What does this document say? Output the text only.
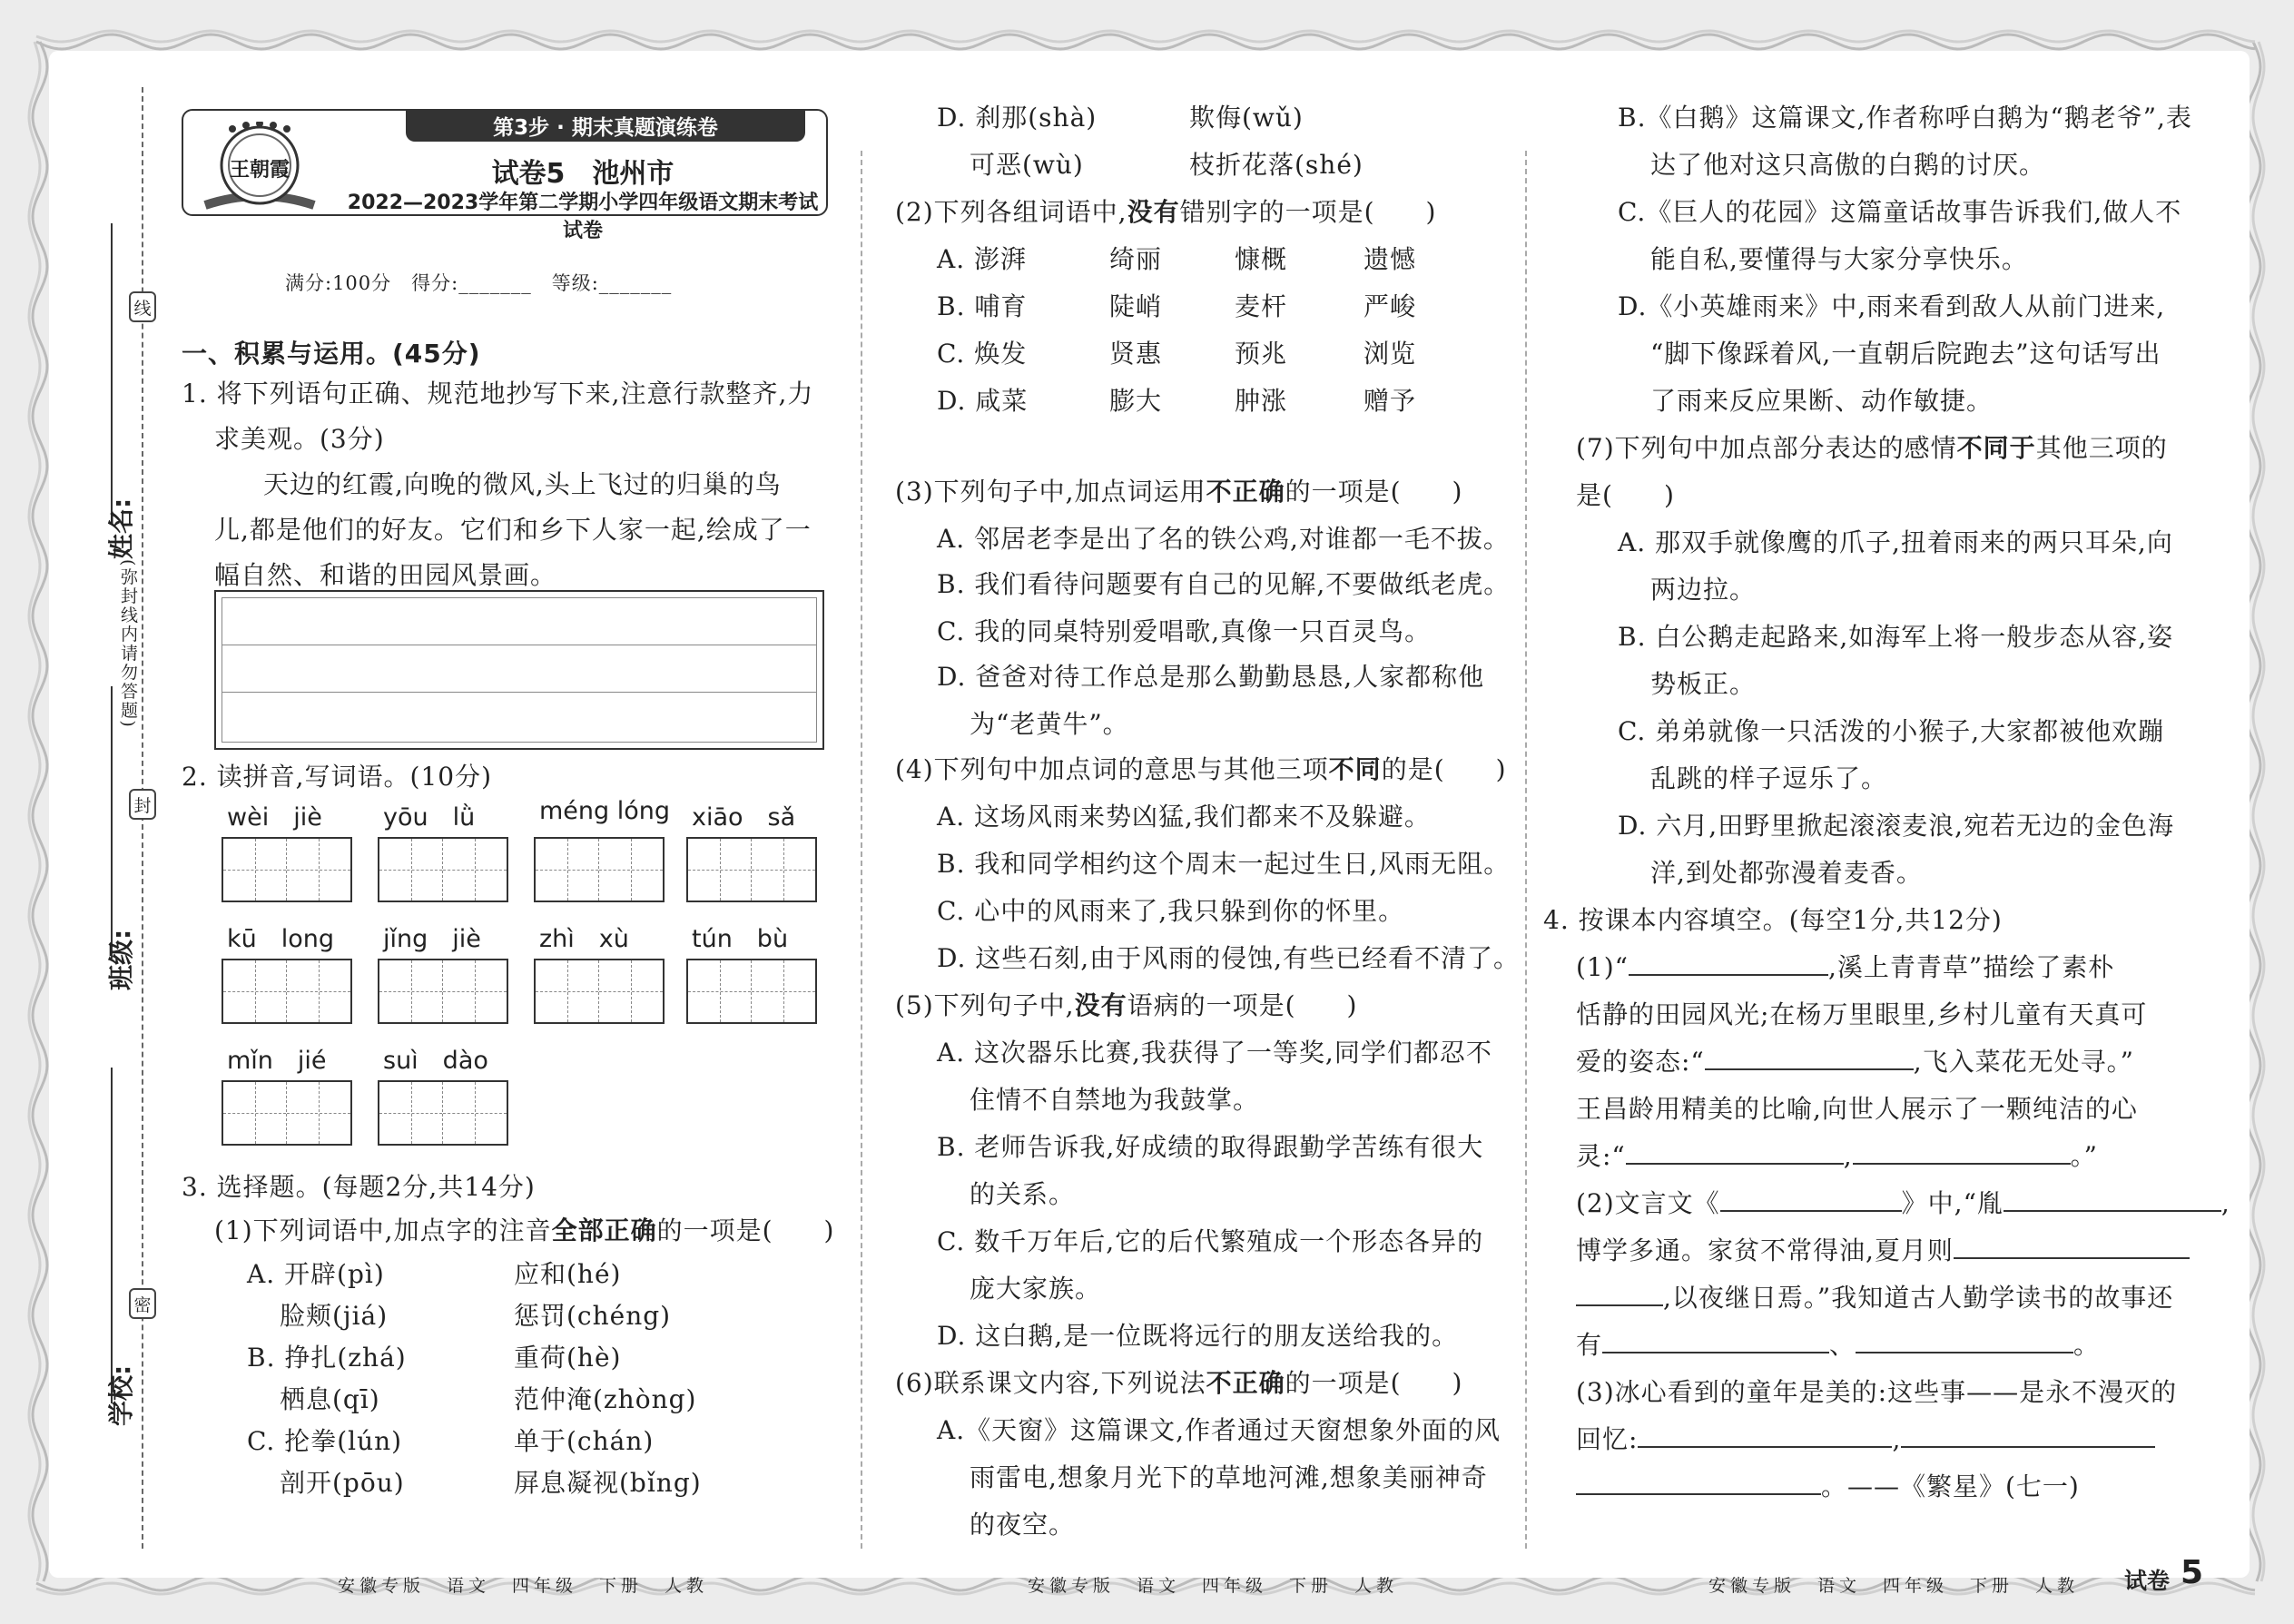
姓名:
班级:
学校:
(弥封线内请勿答题)
线
封
密
第3步 · 期末真题演练卷
王朝霞	试卷5　池州市
2022—2023学年第二学期小学四年级语文期末考试试卷
满分:100分　得分:_______　等级:_______
一、积累与运用。(45分)
1. 将下列语句正确、规范地抄写下来,注意行款整齐,力
求美观。(3分)
天边的红霞,向晚的微风,头上飞过的归巢的鸟
儿,都是他们的好友。它们和乡下人家一起,绘成了一
幅自然、和谐的田园风景画。
2. 读拼音,写词语。(10分)
wèi　jiè yōu　lǜ	méng lóng xiāo　sǎ
kū　long jǐng　jiè zhì　xù	tún　bù
mǐn　jié suì　dào
3. 选择题。(每题2分,共14分)
(1)下列词语中,加点字的注音全部正确的一项是( )
A. 开辟(pì)	应和(hé)
脸颊(jiá)	惩罚(chéng)
B. 挣扎(zhá)	重荷(hè)
栖息(qī)	范仲淹(zhòng)
C. 抡拳(lún)	单于(chán)
剖开(pōu)	屏息凝视(bǐng)
D. 刹那(shà)	欺侮(wǔ)
可恶(wù)	枝折花落(shé)
(2)下列各组词语中,没有错别字的一项是( )
A. 澎湃	绮丽	慷概	遗憾
B. 哺育	陡峭	麦杆	严峻
C. 焕发	贤惠	预兆	浏览
D. 咸菜	膨大	肿涨	赠予
(3)下列句子中,加点词运用不正确的一项是( )
A. 邻居老李是出了名的铁公鸡,对谁都一毛不拔。
B. 我们看待问题要有自己的见解,不要做纸老虎。
C. 我的同桌特别爱唱歌,真像一只百灵鸟。
D. 爸爸对待工作总是那么勤勤恳恳,人家都称他
为“老黄牛”。
(4)下列句中加点词的意思与其他三项不同的是( )
A. 这场风雨来势凶猛,我们都来不及躲避。
B. 我和同学相约这个周末一起过生日,风雨无阻。
C. 心中的风雨来了,我只躲到你的怀里。
D. 这些石刻,由于风雨的侵蚀,有些已经看不清了。
(5)下列句子中,没有语病的一项是( )
A. 这次器乐比赛,我获得了一等奖,同学们都忍不
住情不自禁地为我鼓掌。
B. 老师告诉我,好成绩的取得跟勤学苦练有很大
的关系。
C. 数千万年后,它的后代繁殖成一个形态各异的
庞大家族。
D. 这白鹅,是一位既将远行的朋友送给我的。
(6)联系课文内容,下列说法不正确的一项是( )
A.《天窗》这篇课文,作者通过天窗想象外面的风
雨雷电,想象月光下的草地河滩,想象美丽神奇
的夜空。
B.《白鹅》这篇课文,作者称呼白鹅为“鹅老爷”,表
达了他对这只高傲的白鹅的讨厌。
C.《巨人的花园》这篇童话故事告诉我们,做人不
能自私,要懂得与大家分享快乐。
D.《小英雄雨来》中,雨来看到敌人从前门进来,
“脚下像踩着风,一直朝后院跑去”这句话写出
了雨来反应果断、动作敏捷。
(7)下列句中加点部分表达的感情不同于其他三项的
是( )
A. 那双手就像鹰的爪子,扭着雨来的两只耳朵,向
两边拉。
B. 白公鹅走起路来,如海军上将一般步态从容,姿
势板正。
C. 弟弟就像一只活泼的小猴子,大家都被他欢蹦
乱跳的样子逗乐了。
D. 六月,田野里掀起滚滚麦浪,宛若无边的金色海
洋,到处都弥漫着麦香。
4. 按课本内容填空。(每空1分,共12分)
(1)“	,溪上青青草”描绘了素朴
恬静的田园风光;在杨万里眼里,乡村儿童有天真可
爱的姿态:“	,飞入菜花无处寻。”
王昌龄用精美的比喻,向世人展示了一颗纯洁的心
灵:“	,	。”
(2)文言文《	》中,“胤	,
博学多通。家贫不常得油,夏月则
,以夜继日焉。”我知道古人勤学读书的故事还
有	、	。
(3)冰心看到的童年是美的:这些事——是永不漫灭的
回忆:	,
。——《繁星》(七一)
安徽专版　语文　四年级　下册　人教	安徽专版　语文　四年级　下册　人教	安徽专版　语文　四年级　下册　人教 试卷 5
